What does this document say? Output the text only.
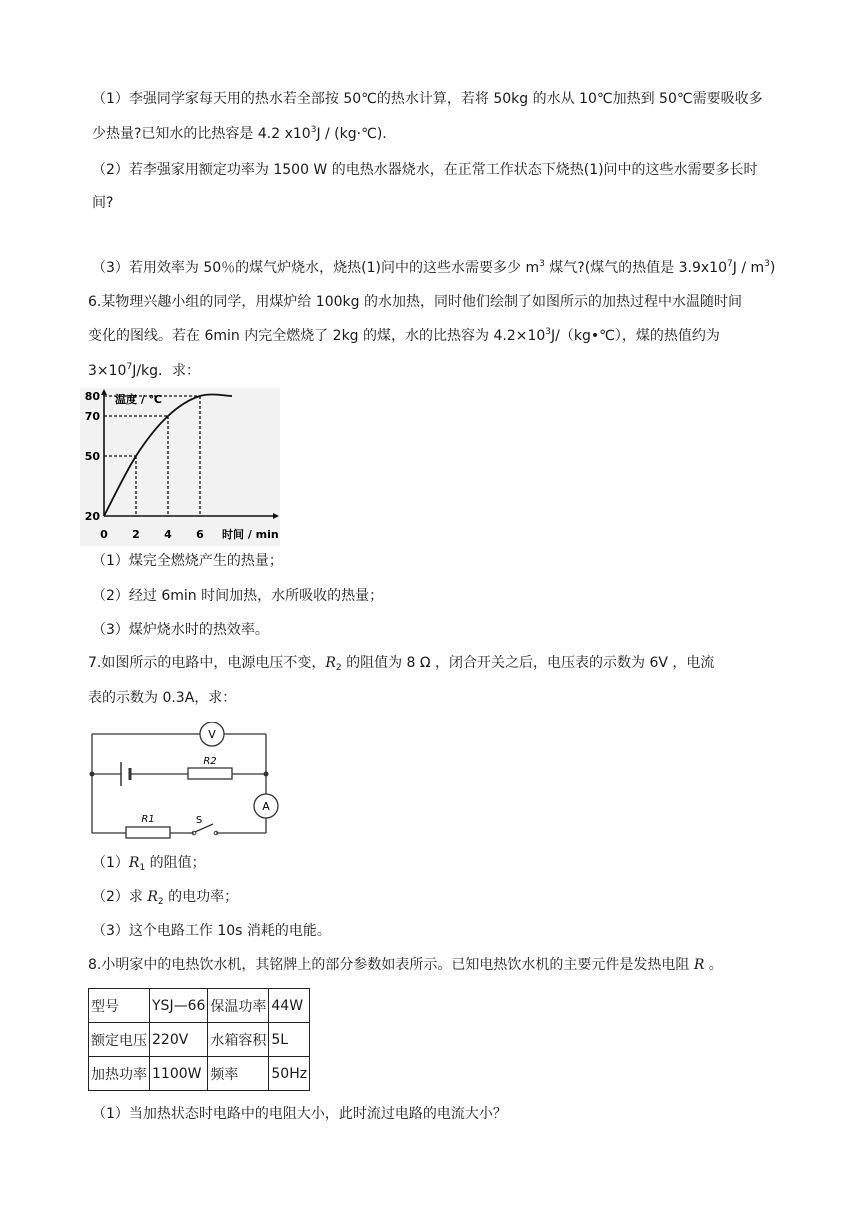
（1）李强同学家每天用的热水若全部按 50℃的热水计算，若将 50kg 的水从 10℃加热到 50℃需要吸收多
少热量?已知水的比热容是 4.2 $x10^3J$ / (kg·℃).
（2）若李强家用额定功率为 1500 W 的电热水器烧水，在正常工作状态下烧热(1)问中的这些水需要多长时
间?
（3）若用效率为 50％的煤气炉烧水，烧热(1)问中的这些水需要多少 $m^3$ 煤气?(煤气的热值是 $3.9x10^7J / m^3$)
6.某物理兴趣小组的同学，用煤炉给 100kg 的水加热，同时他们绘制了如图所示的加热过程中水温随时间
变化的图线。若在 6min 内完全燃烧了 2kg 的煤，水的比热容为 $4.2\times 10^3J/(kg•℃)$，煤的热值约为
$3\times 10^7J/kg$．求：
20
50
70
80
0 2 4 6
温度 / ℃
时间 / min
（1）煤完全燃烧产生的热量；
（2）经过 6min 时间加热，水所吸收的热量；
（3）煤炉烧水时的热效率。
7.如图所示的电路中，电源电压不变，$R_2$ 的阻值为 8 Ω ，闭合开关之后，电压表的示数为 6V ，电流
表的示数为 0.3A，求：
R2
R1	S
V
A
$(1)R_1$ 的阻值；
（2）求 $R_2$ 的电功率；
（3）这个电路工作 10s 消耗的电能。
8.小明家中的电热饮水机，其铭牌上的部分参数如表所示。已知电热饮水机的主要元件是发热电阻 R 。
型号	YSJ—66	保温功率	44W
额定电压	220V	水箱容积	5L
加热功率	1100W	频率	50Hz
（1）当加热状态时电路中的电阻大小，此时流过电路的电流大小？
